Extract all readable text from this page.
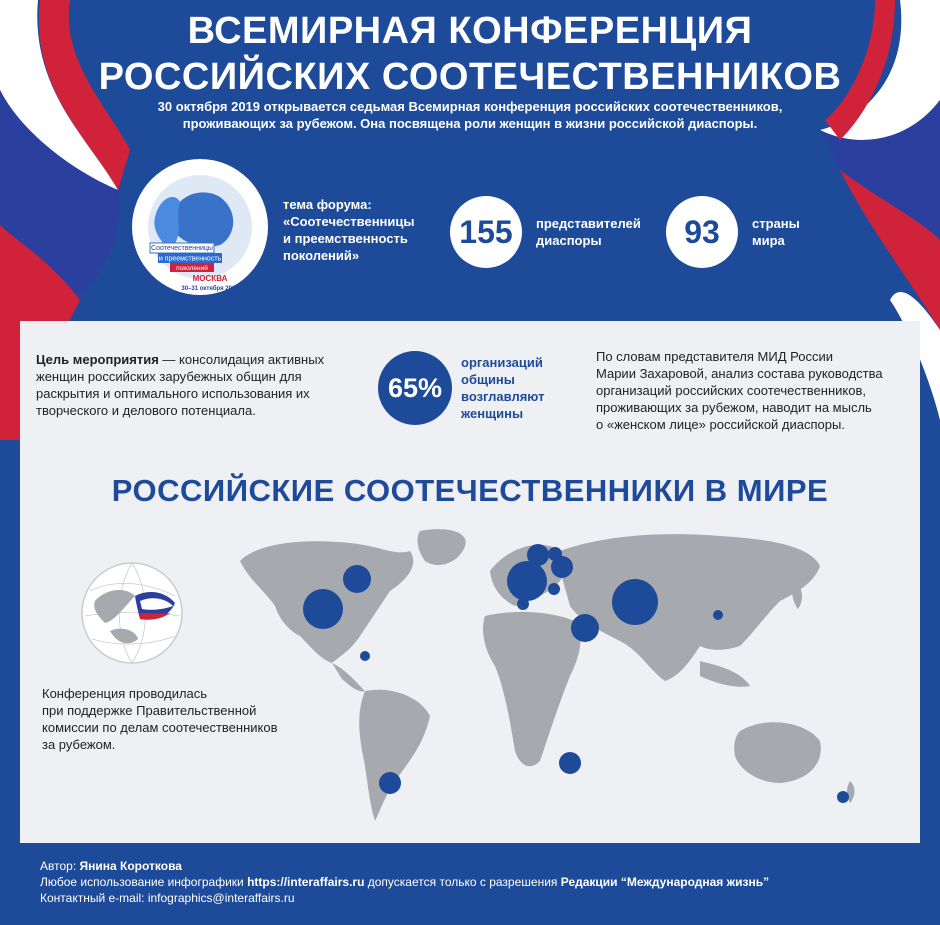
ВСЕМИРНАЯ КОНФЕРЕНЦИЯ
РОССИЙСКИХ СООТЕЧЕСТВЕННИКОВ
30 октября 2019 открывается седьмая Всемирная конференция российских соотечественников,
проживающих за рубежом. Она посвящена роли женщин в жизни российской диаспоры.
Соотечественницы
и преемственность
поколений
МОСКВА
30–31 октября 2019
тема форума:
«Соотечественницы
и преемственность
поколений»
155	представителей
диаспоры	93	страны
мира
Цель мероприятия — консолидация активных женщин российских зарубежных общин для раскрытия и оптимального использования их творческого и делового потенциала.
65%
организаций
общины
возглавляют
женщины
По словам представителя МИД России
Марии Захаровой, анализ состава руководства
организаций российских соотечественников,
проживающих за рубежом, наводит на мысль
о «женском лице» российской диаспоры.
РОССИЙСКИЕ СООТЕЧЕСТВЕННИКИ В МИРЕ
Конференция проводилась
при поддержке Правительственной
комиссии по делам соотечественников
за рубежом.
Автор: Янина Короткова
Любое использование инфографики https://interaffairs.ru допускается только с разрешения Редакции “Международная жизнь”
Контактный e-mail: infographics@interaffairs.ru
